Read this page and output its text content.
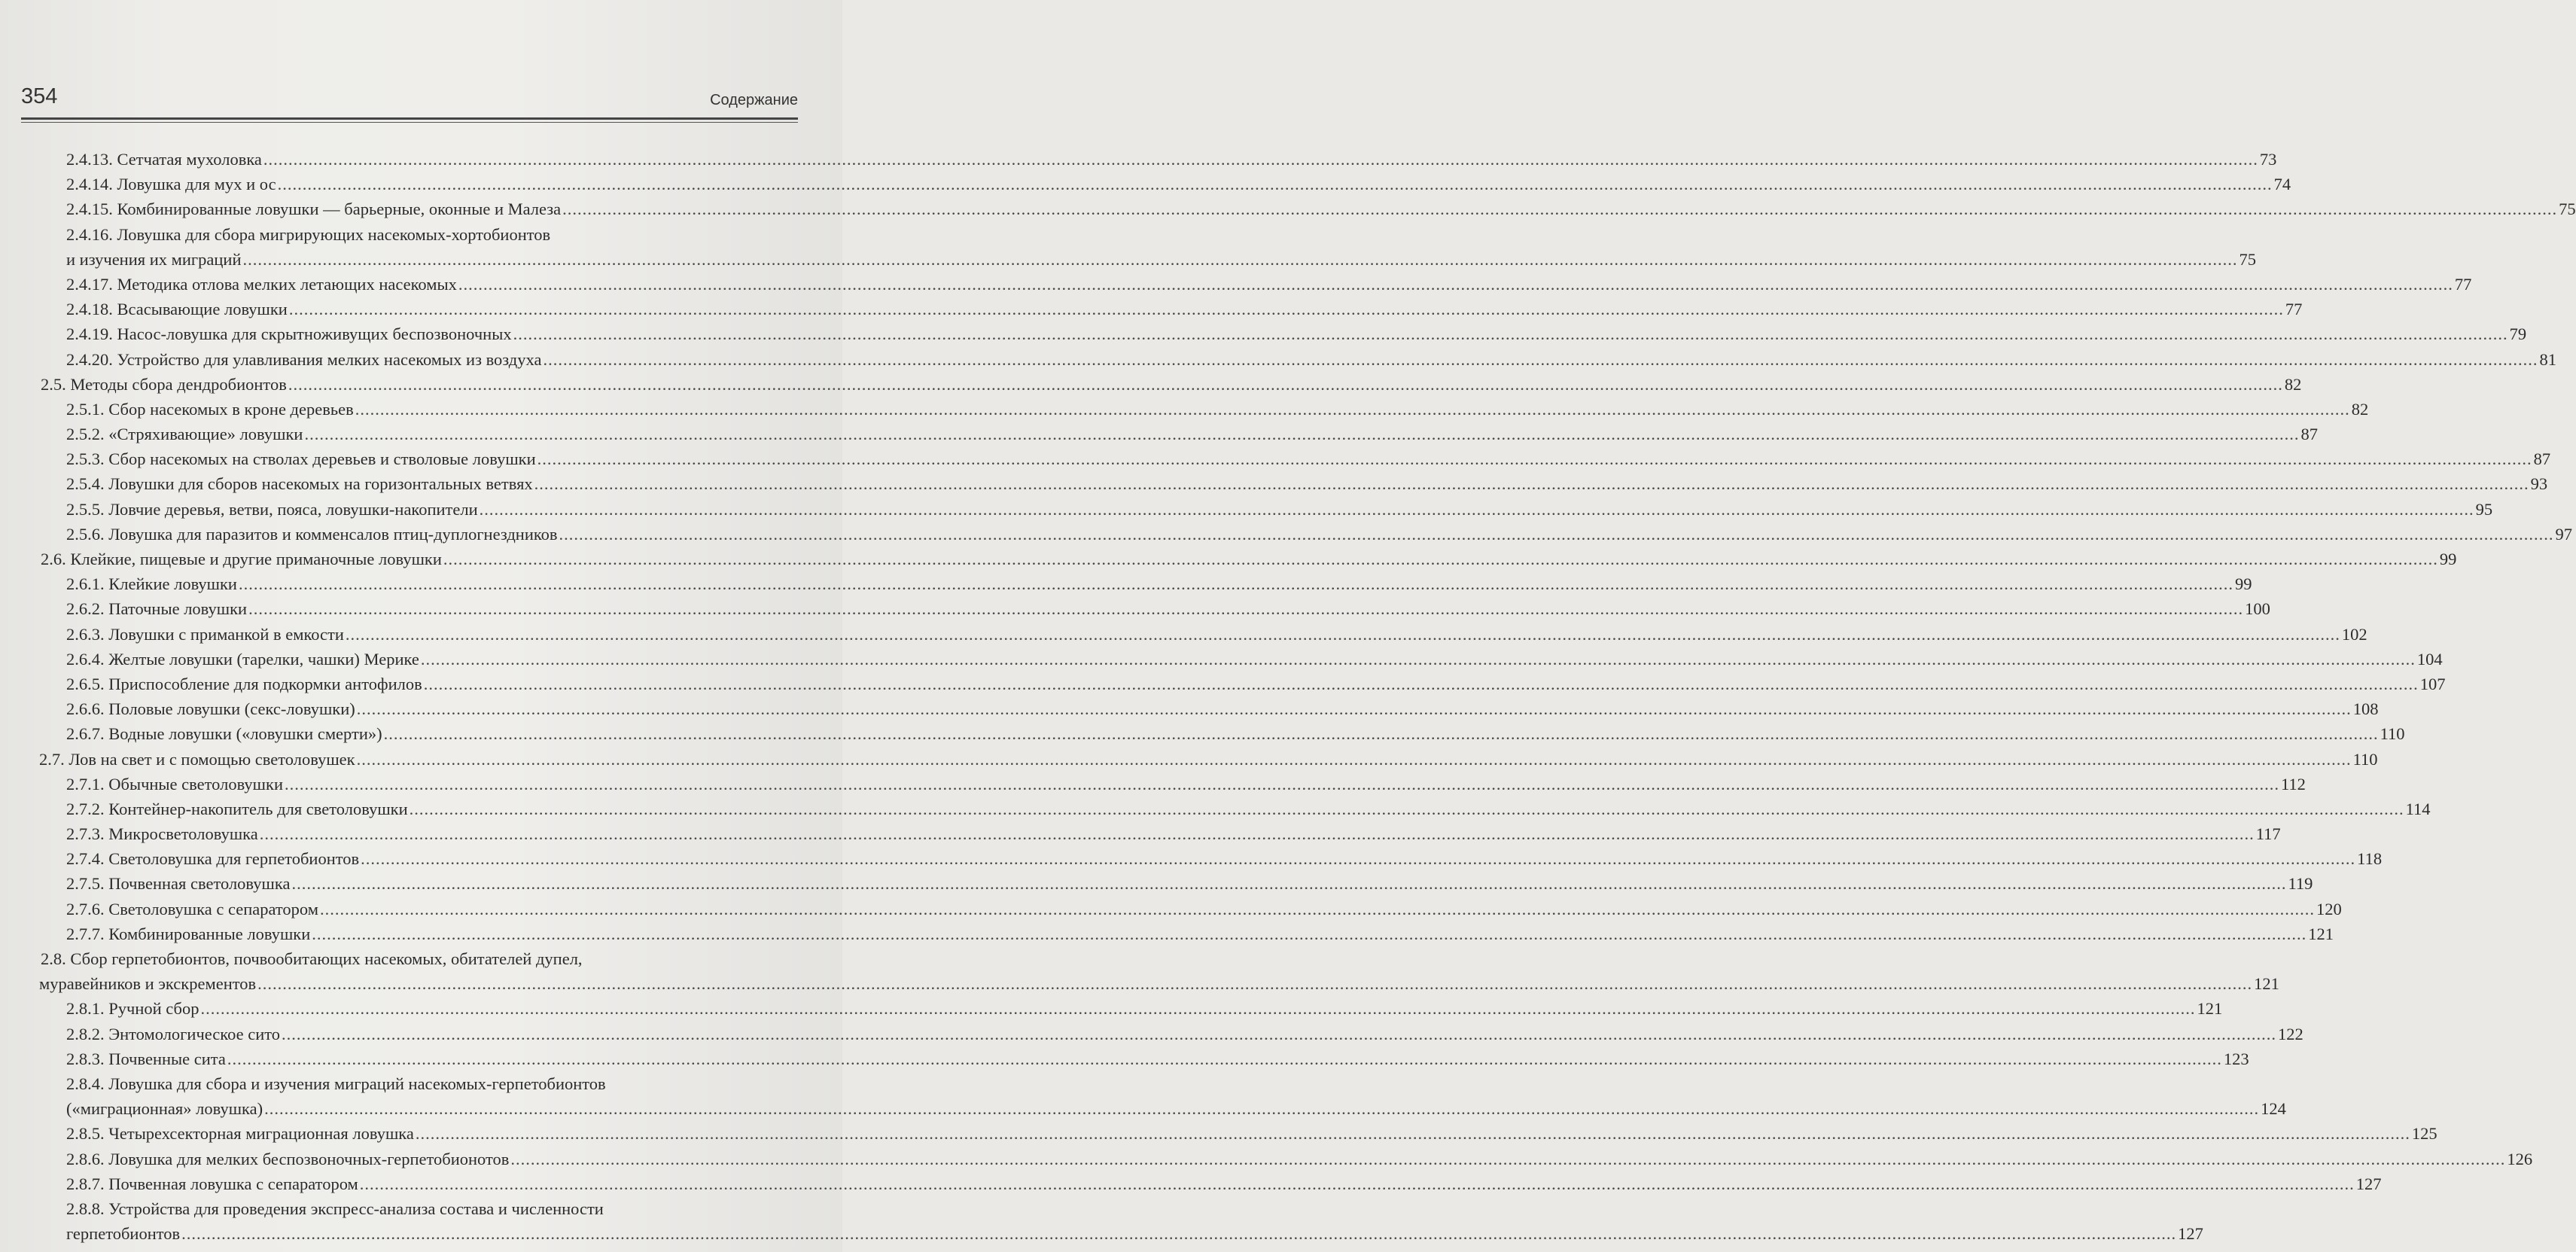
354	Содержание
2.4.13. Сетчатая мухоловка ................................................................................................................................................................................................................................................................................................................................................................................................................ 73
2.4.14. Ловушка для мух и ос ................................................................................................................................................................................................................................................................................................................................................................................................................ 74
2.4.15. Комбинированные ловушки — барьерные, оконные и Малеза ................................................................................................................................................................................................................................................................................................................................................................................................................ 75
2.4.16. Ловушка для сбора мигрирующих насекомых-хортобионтов
и изучения их миграций ................................................................................................................................................................................................................................................................................................................................................................................................................ 75
2.4.17. Методика отлова мелких летающих насекомых ................................................................................................................................................................................................................................................................................................................................................................................................................ 77
2.4.18. Всасывающие ловушки ................................................................................................................................................................................................................................................................................................................................................................................................................ 77
2.4.19. Насос-ловушка для скрытноживущих беспозвоночных ................................................................................................................................................................................................................................................................................................................................................................................................................ 79
2.4.20. Устройство для улавливания мелких насекомых из воздуха ................................................................................................................................................................................................................................................................................................................................................................................................................ 81
2.5. Методы сбора дендробионтов ................................................................................................................................................................................................................................................................................................................................................................................................................ 82
2.5.1. Сбор насекомых в кроне деревьев ................................................................................................................................................................................................................................................................................................................................................................................................................ 82
2.5.2. «Стряхивающие» ловушки ................................................................................................................................................................................................................................................................................................................................................................................................................ 87
2.5.3. Сбор насекомых на стволах деревьев и стволовые ловушки ................................................................................................................................................................................................................................................................................................................................................................................................................ 87
2.5.4. Ловушки для сборов насекомых на горизонтальных ветвях ................................................................................................................................................................................................................................................................................................................................................................................................................ 93
2.5.5. Ловчие деревья, ветви, пояса, ловушки-накопители ................................................................................................................................................................................................................................................................................................................................................................................................................ 95
2.5.6. Ловушка для паразитов и комменсалов птиц-дуплогнездников ................................................................................................................................................................................................................................................................................................................................................................................................................ 97
2.6. Клейкие, пищевые и другие приманочные ловушки ................................................................................................................................................................................................................................................................................................................................................................................................................ 99
2.6.1. Клейкие ловушки ................................................................................................................................................................................................................................................................................................................................................................................................................ 99
2.6.2. Паточные ловушки ................................................................................................................................................................................................................................................................................................................................................................................................................ 100
2.6.3. Ловушки с приманкой в емкости ................................................................................................................................................................................................................................................................................................................................................................................................................ 102
2.6.4. Желтые ловушки (тарелки, чашки) Мерике ................................................................................................................................................................................................................................................................................................................................................................................................................ 104
2.6.5. Приспособление для подкормки антофилов ................................................................................................................................................................................................................................................................................................................................................................................................................ 107
2.6.6. Половые ловушки (секс-ловушки) ................................................................................................................................................................................................................................................................................................................................................................................................................ 108
2.6.7. Водные ловушки («ловушки смерти») ................................................................................................................................................................................................................................................................................................................................................................................................................ 110
2.7. Лов на свет и с помощью светоловушек ................................................................................................................................................................................................................................................................................................................................................................................................................ 110
2.7.1. Обычные светоловушки ................................................................................................................................................................................................................................................................................................................................................................................................................ 112
2.7.2. Контейнер-накопитель для светоловушки ................................................................................................................................................................................................................................................................................................................................................................................................................ 114
2.7.3. Микросветоловушка ................................................................................................................................................................................................................................................................................................................................................................................................................ 117
2.7.4. Светоловушка для герпетобионтов ................................................................................................................................................................................................................................................................................................................................................................................................................ 118
2.7.5. Почвенная светоловушка ................................................................................................................................................................................................................................................................................................................................................................................................................ 119
2.7.6. Светоловушка с сепаратором ................................................................................................................................................................................................................................................................................................................................................................................................................ 120
2.7.7. Комбинированные ловушки ................................................................................................................................................................................................................................................................................................................................................................................................................ 121
2.8. Сбор герпетобионтов, почвообитающих насекомых, обитателей дупел,
муравейников и экскрементов ................................................................................................................................................................................................................................................................................................................................................................................................................ 121
2.8.1. Ручной сбор ................................................................................................................................................................................................................................................................................................................................................................................................................ 121
2.8.2. Энтомологическое сито ................................................................................................................................................................................................................................................................................................................................................................................................................ 122
2.8.3. Почвенные сита ................................................................................................................................................................................................................................................................................................................................................................................................................ 123
2.8.4. Ловушка для сбора и изучения миграций насекомых-герпетобионтов
(«миграционная» ловушка) ................................................................................................................................................................................................................................................................................................................................................................................................................ 124
2.8.5. Четырехсекторная миграционная ловушка ................................................................................................................................................................................................................................................................................................................................................................................................................ 125
2.8.6. Ловушка для мелких беспозвоночных-герпетобионотов ................................................................................................................................................................................................................................................................................................................................................................................................................ 126
2.8.7. Почвенная ловушка с сепаратором ................................................................................................................................................................................................................................................................................................................................................................................................................ 127
2.8.8. Устройства для проведения экспресс-анализа состава и численности
герпетобионтов ................................................................................................................................................................................................................................................................................................................................................................................................................ 127
